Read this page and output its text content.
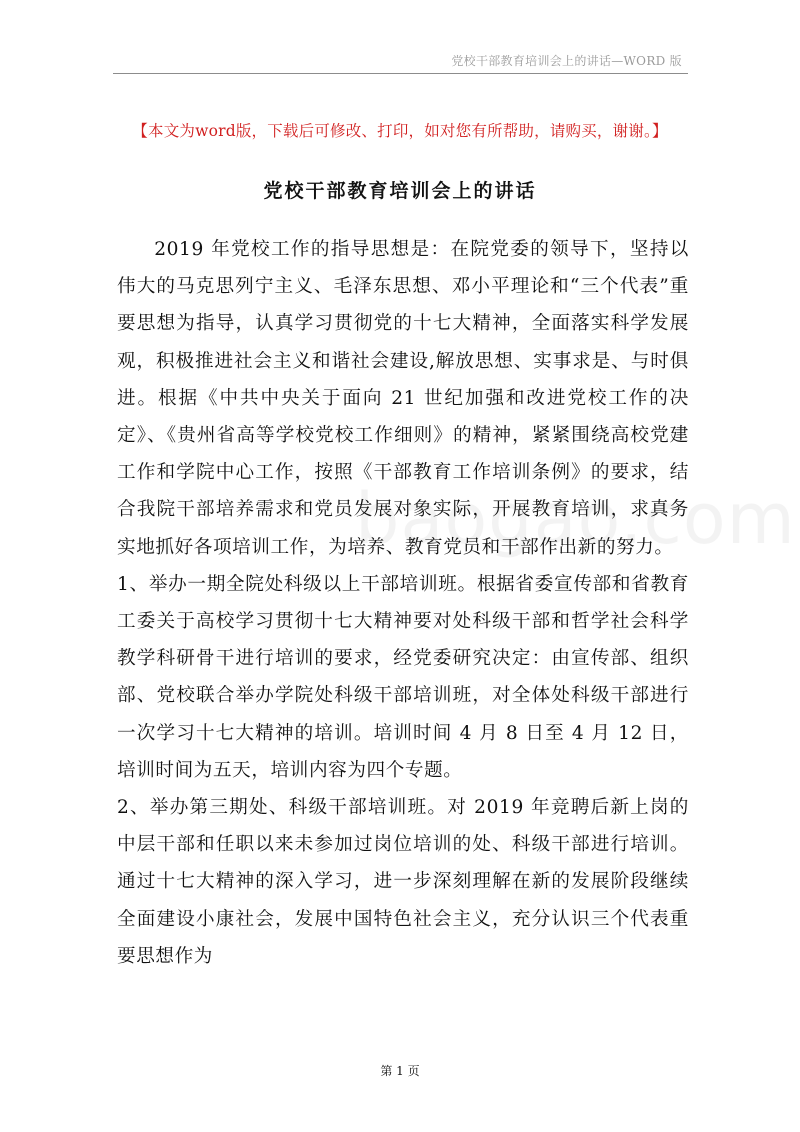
党校干部教育培训会上的讲话—WORD 版
【本文为word版，下载后可修改、打印，如对您有所帮助，请购买，谢谢。】
党校干部教育培训会上的讲话

2019 年党校工作的指导思想是：在院党委的领导下，坚持以伟大的马克思列宁主义、毛泽东思想、邓小平理论和“三个代表”重要思想为指导，认真学习贯彻党的十七大精神，全面落实科学发展观，积极推进社会主义和谐社会建设,解放思想、实事求是、与时俱进。根据《中共中央关于面向 21 世纪加强和改进党校工作的决定》、《贵州省高等学校党校工作细则》的精神，紧紧围绕高校党建工作和学院中心工作，按照《干部教育工作培训条例》的要求，结合我院干部培养需求和党员发展对象实际，开展教育培训，求真务实地抓好各项培训工作，为培养、教育党员和干部作出新的努力。

1、举办一期全院处科级以上干部培训班。根据省委宣传部和省教育工委关于高校学习贯彻十七大精神要对处科级干部和哲学社会科学教学科研骨干进行培训的要求，经党委研究决定：由宣传部、组织部、党校联合举办学院处科级干部培训班，对全体处科级干部进行一次学习十七大精神的培训。培训时间 4 月 8 日至 4 月 12 日，培训时间为五天，培训内容为四个专题。

2、举办第三期处、科级干部培训班。对 2019 年竞聘后新上岗的中层干部和任职以来未参加过岗位培训的处、科级干部进行培训。通过十七大精神的深入学习，进一步深刻理解在新的发展阶段继续全面建设小康社会，发展中国特色社会主义，充分认识三个代表重要思想作为

第 1 页
